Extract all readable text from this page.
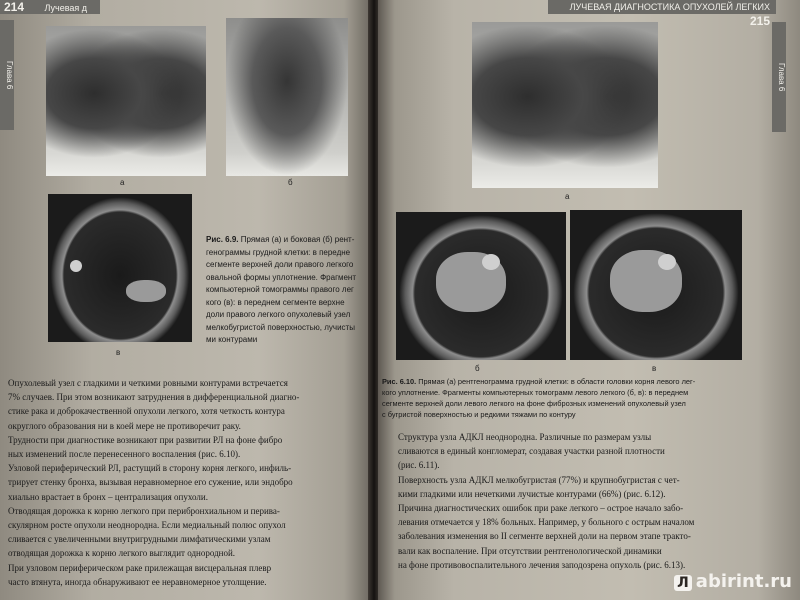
214 Лучевая д
Глава 6
а	б
в

Рис. 6.9. Прямая (а) и боковая (б) рент-

генограммы грудной клетки: в передне

сегменте верхней доли правого легкого

овальной формы уплотнение. Фрагмент

компьютерной томограммы правого лег

кого (в): в переднем сегменте верхне

доли правого легкого опухолевый узел

мелкобугристой поверхностью, лучисты

ми контурами

Опухолевый узел с гладкими и четкими ровными контурами встречается

7% случаев. При этом возникают затруднения в дифференциальной диагно-

стике рака и доброкачественной опухоли легкого, хотя четкость контура

округлого образования ни в коей мере не противоречит раку.

Трудности при диагностике возникают при развитии РЛ на фоне фибро

ных изменений после перенесенного воспаления (рис. 6.10).

Узловой периферический РЛ, растущий в сторону корня легкого, инфиль-

трирует стенку бронха, вызывая неравномерное его сужение, или эндобро

хиально врастает в бронх – централизация опухоли.

Отводящая дорожка к корню легкого при перибронхиальном и перива-

скулярном росте опухоли неоднородна. Если медиальный полюс опухол

сливается с увеличенными внутригрудными лимфатическими узлам

отводящая дорожка к корню легкого выглядит однородной.

При узловом периферическом раке прилежащая висцеральная плевр

часто втянута, иногда обнаруживают ее неравномерное утолщение.

ЛУЧЕВАЯ ДИАГНОСТИКА ОПУХОЛЕЙ ЛЕГКИХ 215
Глава 6
а
б	в

Рис. 6.10. Прямая (а) рентгенограмма грудной клетки: в области головки корня левого лег-

кого уплотнение. Фрагменты компьютерных томограмм левого легкого (б, в): в переднем

сегменте верхней доли левого легкого на фоне фиброзных изменений опухолевый узел

с бугристой поверхностью и редкими тяжами по контуру

Структура узла АДКЛ неоднородна. Различные по размерам узлы

сливаются в единый конгломерат, создавая участки разной плотности

(рис. 6.11).

Поверхность узла АДКЛ мелкобугристая (77%) и крупнобугристая с чет-

кими гладкими или нечеткими лучистые контурами (66%) (рис. 6.12).

Причина диагностических ошибок при раке легкого – острое начало забо-

левания отмечается у 18% больных. Например, у больного с острым началом

заболевания изменения во II сегменте верхней доли на первом этапе тракто-

вали как воспаление. При отсутствии рентгенологической динамики

на фоне противовоспалительного лечения заподозрена опухоль (рис. 6.13).

Л abirint.ru
